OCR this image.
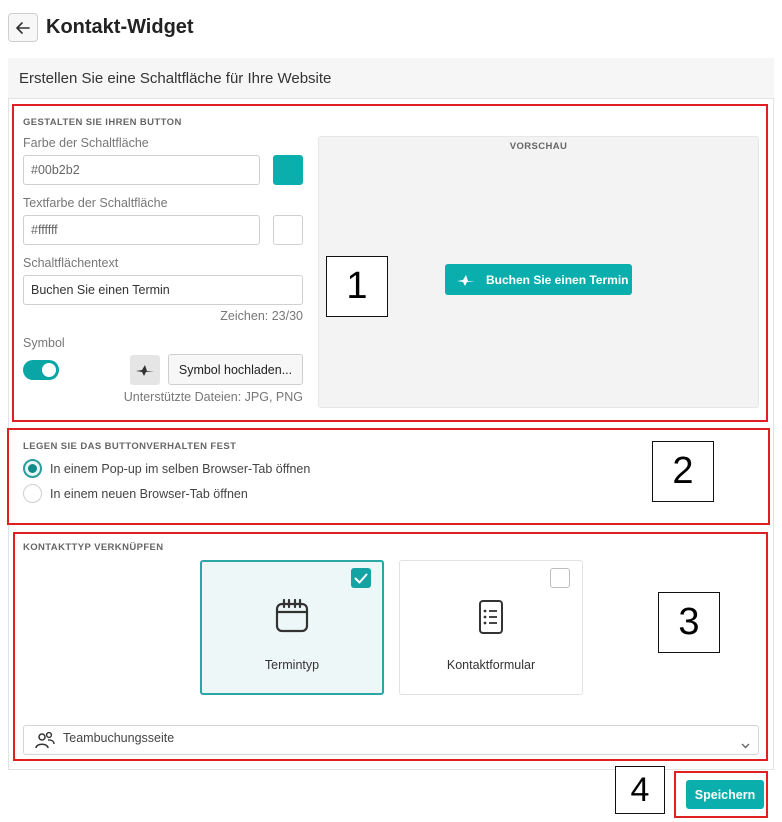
Kontakt-Widget
Erstellen Sie eine Schaltfläche für Ihre Website
GESTALTEN SIE IHREN BUTTON
Farbe der Schaltfläche
#00b2b2
Textfarbe der Schaltfläche
#ffffff
Schaltflächentext
Buchen Sie einen Termin
Zeichen: 23/30
Symbol
Symbol hochladen...
Unterstützte Dateien: JPG, PNG
VORSCHAU
Buchen Sie einen Termin
LEGEN SIE DAS BUTTONVERHALTEN FEST
In einem Pop-up im selben Browser-Tab öffnen
In einem neuen Browser-Tab öffnen
KONTAKTTYP VERKNÜPFEN
Termintyp	Kontaktformular
Teambuchungsseite
Speichern
1
2
3
4
